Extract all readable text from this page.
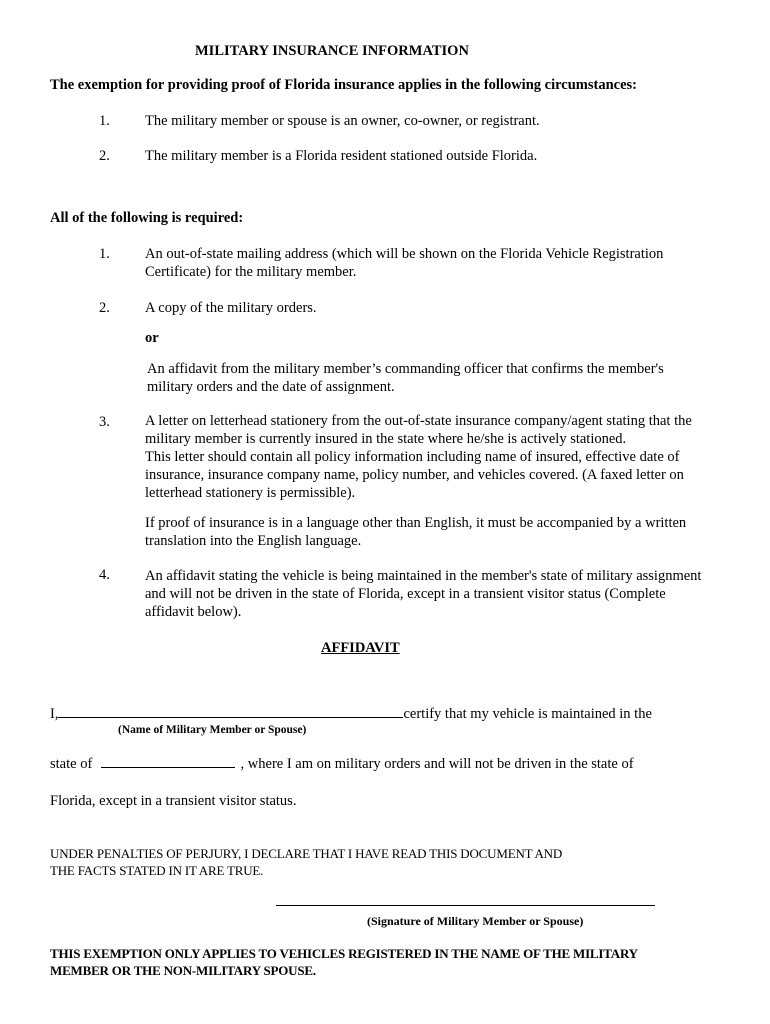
MILITARY INSURANCE INFORMATION
The exemption for providing proof of Florida insurance applies in the following circumstances:
1.	The military member or spouse is an owner, co-owner, or registrant.
2.	The military member is a Florida resident stationed outside Florida.
All of the following is required:
1.	An out-of-state mailing address (which will be shown on the Florida Vehicle Registration
Certificate) for the military member.
2.	A copy of the military orders.
or
An affidavit from the military member’s commanding officer that confirms the member's
military orders and the date of assignment.
3.	A letter on letterhead stationery from the out-of-state insurance company/agent stating that the
military member is currently insured in the state where he/she is actively stationed.
This letter should contain all policy information including name of insured, effective date of
insurance, insurance company name, policy number, and vehicles covered. (A faxed letter on
letterhead stationery is permissible).
If proof of insurance is in a language other than English, it must be accompanied by a written
translation into the English language.
4.	An affidavit stating the vehicle is being maintained in the member's state of military assignment
and will not be driven in the state of Florida, except in a transient visitor status (Complete
affidavit below).
AFFIDAVIT
I,	certify that my vehicle is maintained in the
(Name of Military Member or Spouse)
state of	, where I am on military orders and will not be driven in the state of
Florida, except in a transient visitor status.
UNDER PENALTIES OF PERJURY, I DECLARE THAT I HAVE READ THIS DOCUMENT AND
THE FACTS STATED IN IT ARE TRUE.
(Signature of Military Member or Spouse)
THIS EXEMPTION ONLY APPLIES TO VEHICLES REGISTERED IN THE NAME OF THE MILITARY
MEMBER OR THE NON-MILITARY SPOUSE.
